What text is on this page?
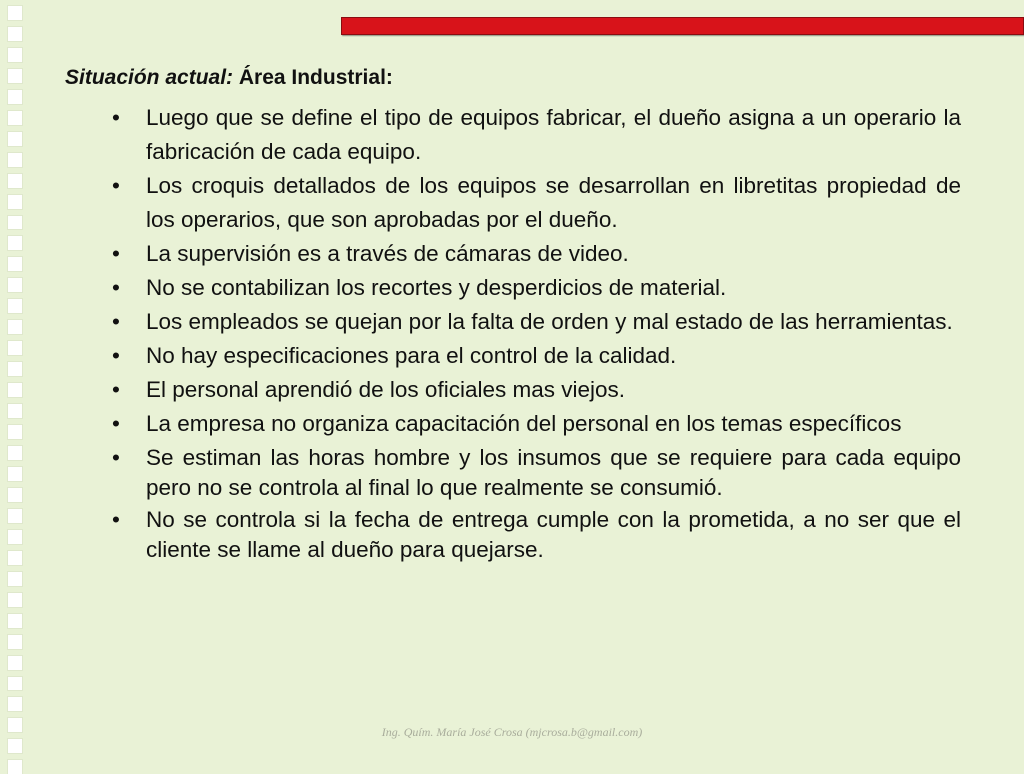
Situación actual: Área Industrial:
• Luego que se define el tipo de equipos fabricar, el dueño asigna a un operario la fabricación de cada equipo.
• Los croquis detallados de los equipos se desarrollan en libretitas propiedad de los operarios, que son aprobadas por el dueño.
• La supervisión es a través de cámaras de video.
• No se contabilizan los recortes y desperdicios de material.
• Los empleados se quejan por la falta de orden y mal estado de las herramientas.
• No hay especificaciones para el control de la calidad.
• El personal aprendió de los oficiales mas viejos.
• La empresa no organiza capacitación del personal en los temas específicos
• Se estiman las horas hombre y los insumos que se requiere para cada equipo pero no se controla al final lo que realmente se consumió.
• No se controla si la fecha de entrega cumple con la prometida, a no ser que el cliente se llame al dueño para quejarse.
Ing. Quím. María José Crosa (mjcrosa.b@gmail.com)
